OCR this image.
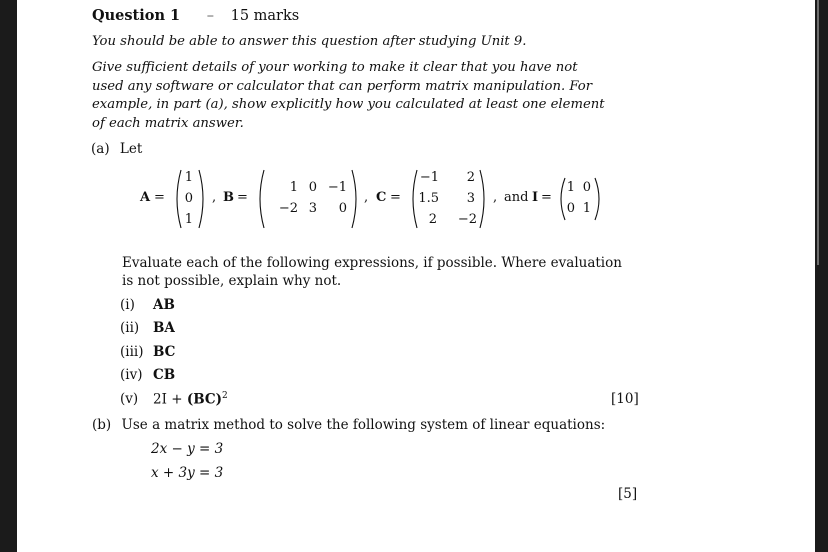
Question 1 – 15 marks
You should be able to answer this question after studying Unit 9.
Give sufficient details of your working to make it clear that you have not
used any software or calculator that can perform matrix manipulation. For
example, in part (a), show explicitly how you calculated at least one element
of each matrix answer.
(a) Let
A =
1
0
1
, B =
1 0 −1
−2 3	0
, C =
−1	2
1.5	3
2	−2
, and I =
1 0
0 1
Evaluate each of the following expressions, if possible. Where evaluation
is not possible, explain why not.
(i) AB
(ii) BA
(iii) BC
(iv) CB
(v) 2I + (BC)$^2$	[10]
(b) Use a matrix method to solve the following system of linear equations:
2x − y = 3
x + 3y = 3
[5]
